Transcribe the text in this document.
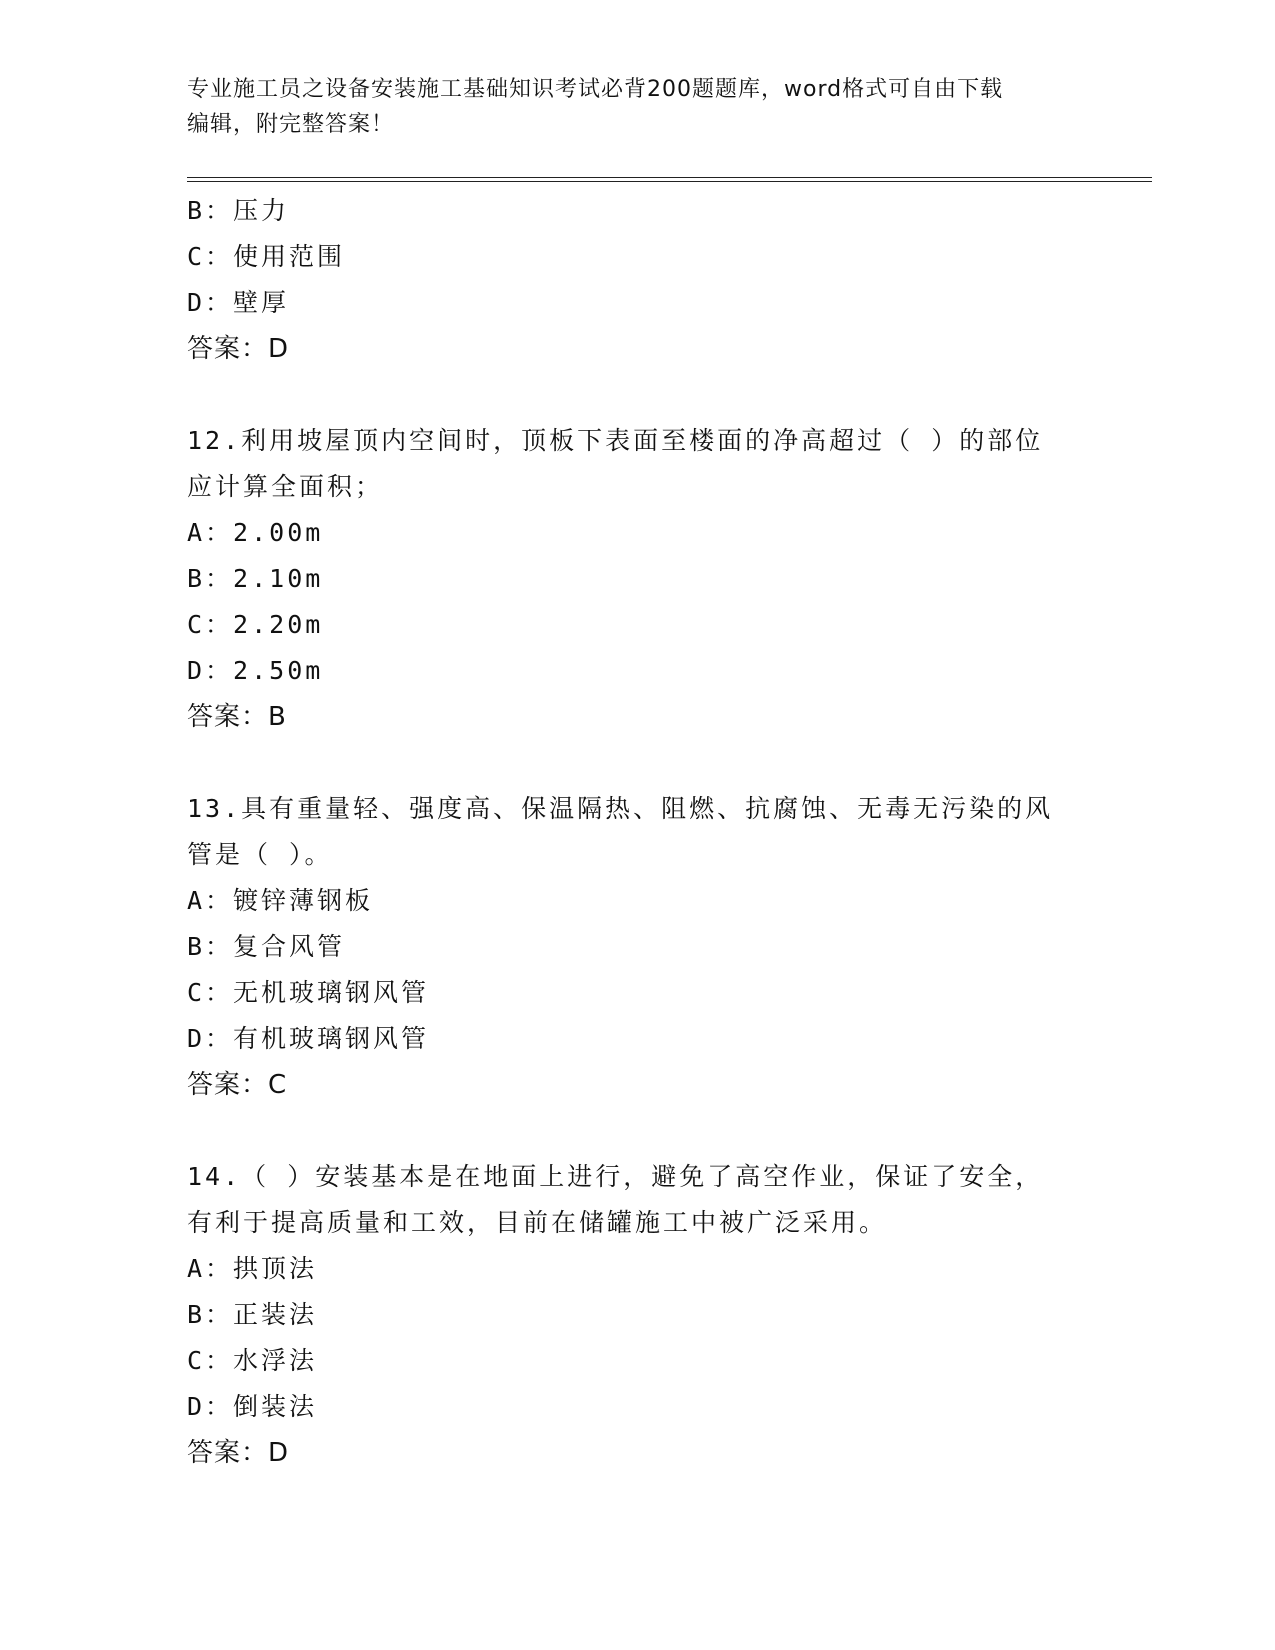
专业施工员之设备安装施工基础知识考试必背200题题库，word格式可自由下载
编辑，附完整答案！
B：压力
C：使用范围
D：壁厚
答案：D
12.利用坡屋顶内空间时，顶板下表面至楼面的净高超过（ ）的部位
应计算全面积；
A：2.00m
B：2.10m
C：2.20m
D：2.50m
答案：B
13.具有重量轻、强度高、保温隔热、阻燃、抗腐蚀、无毒无污染的风
管是（ ）。
A：镀锌薄钢板
B：复合风管
C：无机玻璃钢风管
D：有机玻璃钢风管
答案：C
14.（ ）安装基本是在地面上进行，避免了高空作业，保证了安全，
有利于提高质量和工效，目前在储罐施工中被广泛采用。
A：拱顶法
B：正装法
C：水浮法
D：倒装法
答案：D
